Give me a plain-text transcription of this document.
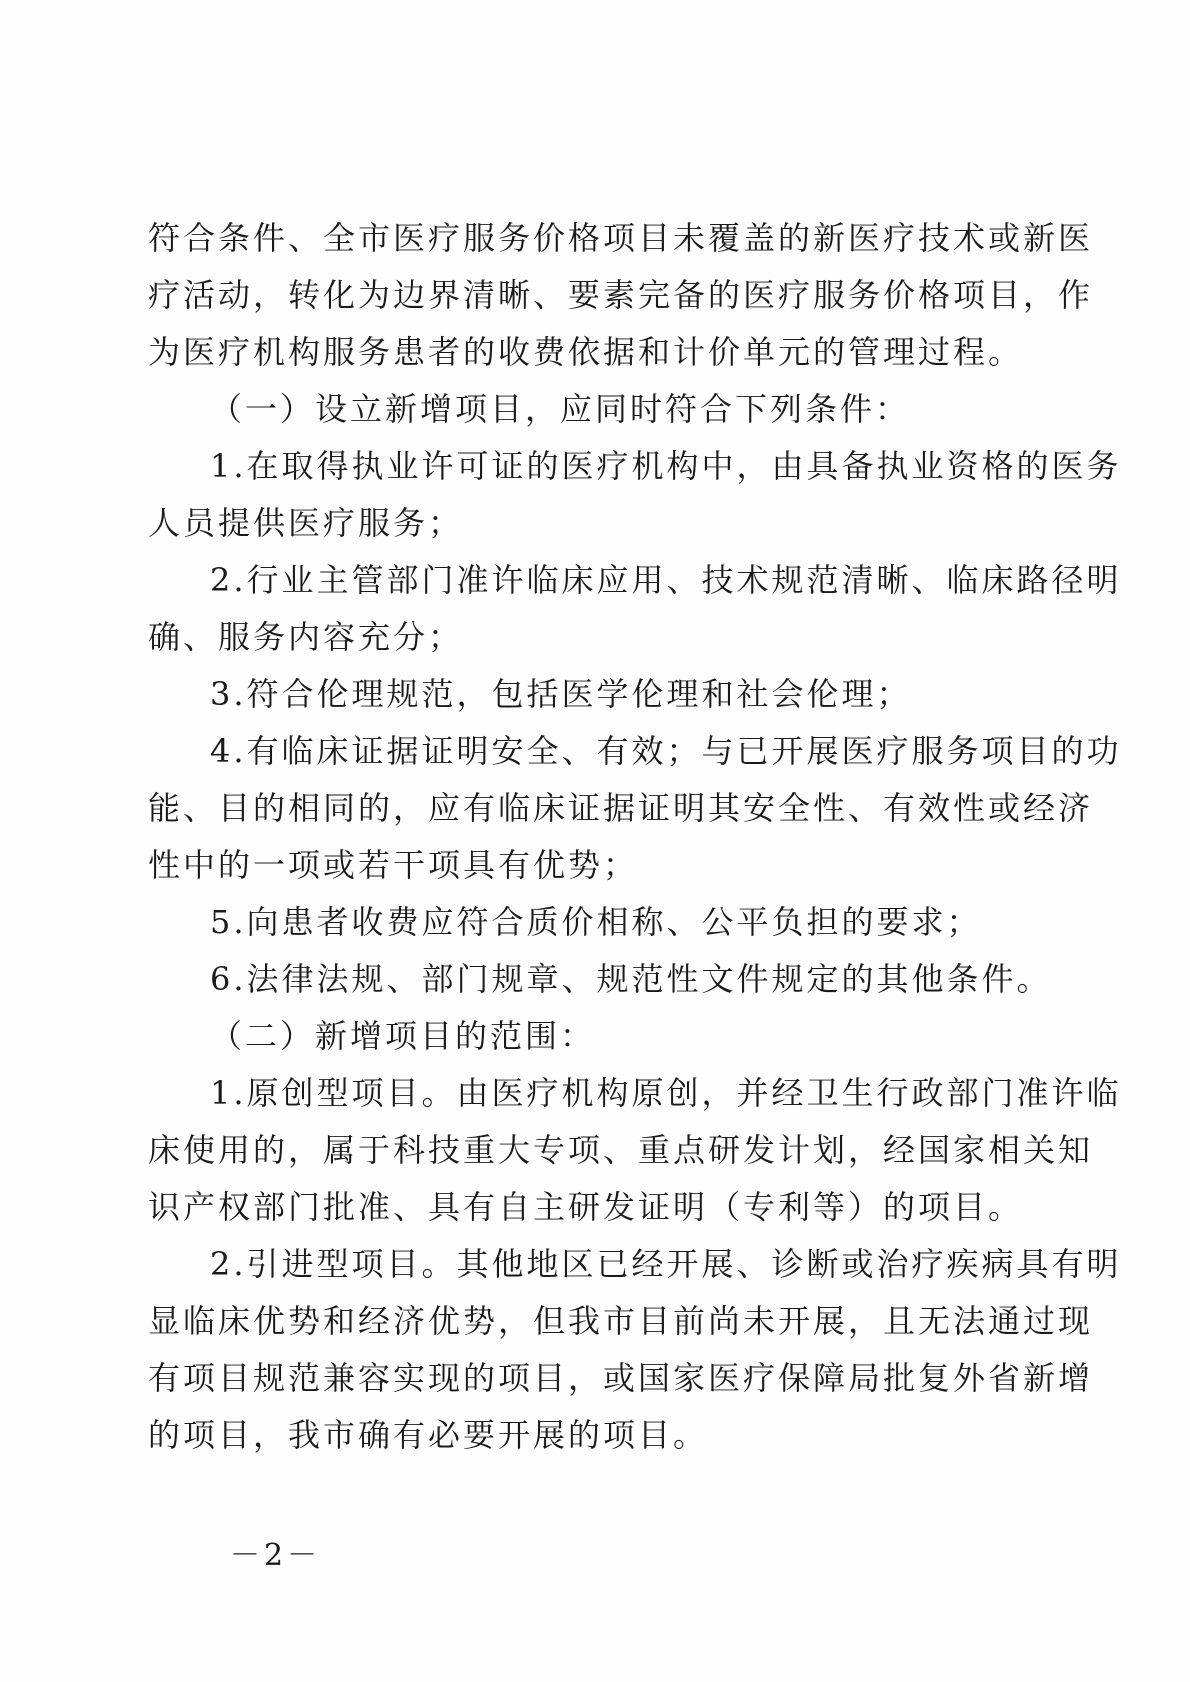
符合条件、全市医疗服务价格项目未覆盖的新医疗技术或新医
疗活动，转化为边界清晰、要素完备的医疗服务价格项目，作
为医疗机构服务患者的收费依据和计价单元的管理过程。
（一）设立新增项目，应同时符合下列条件：
1.在取得执业许可证的医疗机构中，由具备执业资格的医务
人员提供医疗服务；
2.行业主管部门准许临床应用、技术规范清晰、临床路径明
确、服务内容充分；
3.符合伦理规范，包括医学伦理和社会伦理；
4.有临床证据证明安全、有效；与已开展医疗服务项目的功
能、目的相同的，应有临床证据证明其安全性、有效性或经济
性中的一项或若干项具有优势；
5.向患者收费应符合质价相称、公平负担的要求；
6.法律法规、部门规章、规范性文件规定的其他条件。
（二）新增项目的范围：
1.原创型项目。由医疗机构原创，并经卫生行政部门准许临
床使用的，属于科技重大专项、重点研发计划，经国家相关知
识产权部门批准、具有自主研发证明（专利等）的项目。
2.引进型项目。其他地区已经开展、诊断或治疗疾病具有明
显临床优势和经济优势，但我市目前尚未开展，且无法通过现
有项目规范兼容实现的项目，或国家医疗保障局批复外省新增
的项目，我市确有必要开展的项目。
－2－
